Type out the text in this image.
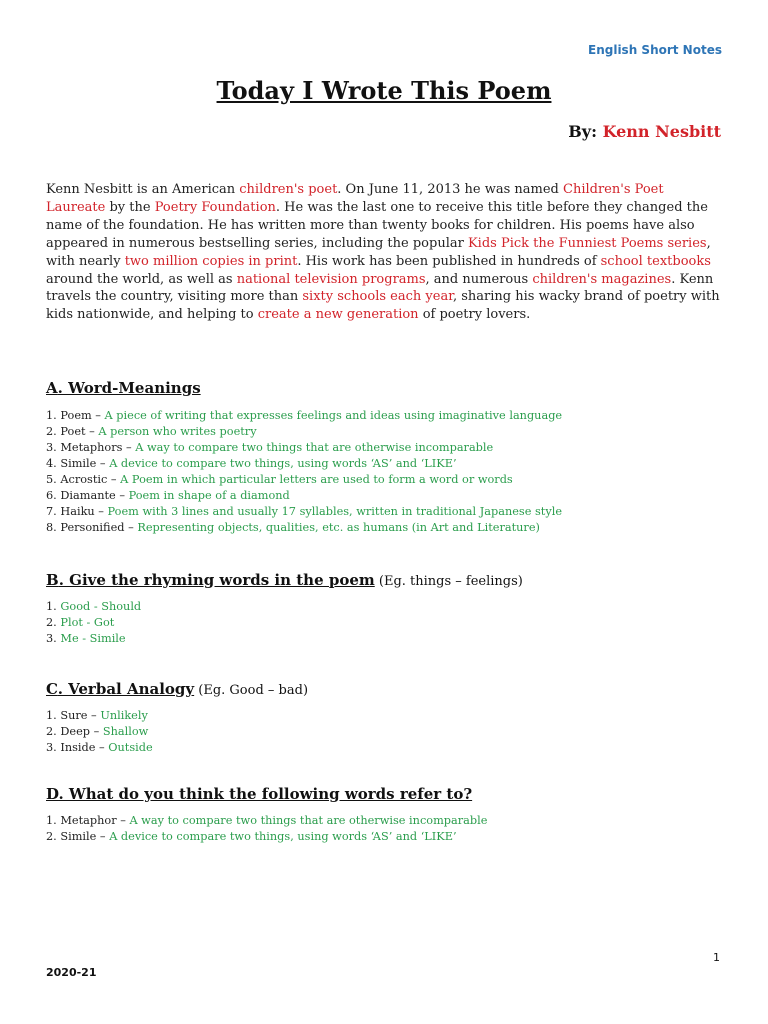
English Short Notes
Today I Wrote This Poem
By: Kenn Nesbitt
Kenn Nesbitt is an American children's poet. On June 11, 2013 he was named Children's Poet Laureate by the Poetry Foundation. He was the last one to receive this title before they changed the name of the foundation. He has written more than twenty books for children. His poems have also appeared in numerous bestselling series, including the popular Kids Pick the Funniest Poems series, with nearly two million copies in print. His work has been published in hundreds of school textbooks around the world, as well as national television programs, and numerous children's magazines. Kenn travels the country, visiting more than sixty schools each year, sharing his wacky brand of poetry with kids nationwide, and helping to create a new generation of poetry lovers.
A. Word-Meanings
1. Poem – A piece of writing that expresses feelings and ideas using imaginative language
2. Poet – A person who writes poetry
3. Metaphors – A way to compare two things that are otherwise incomparable
4. Simile – A device to compare two things, using words ‘AS’ and ‘LIKE’
5. Acrostic – A Poem in which particular letters are used to form a word or words
6. Diamante – Poem in shape of a diamond
7. Haiku – Poem with 3 lines and usually 17 syllables, written in traditional Japanese style
8. Personified – Representing objects, qualities, etc. as humans (in Art and Literature)
B. Give the rhyming words in the poem (Eg. things – feelings)
1. Good - Should
2. Plot - Got
3. Me - Simile
C. Verbal Analogy (Eg. Good – bad)
1. Sure – Unlikely
2. Deep – Shallow
3. Inside – Outside
D. What do you think the following words refer to?
1. Metaphor – A way to compare two things that are otherwise incomparable
2. Simile – A device to compare two things, using words ‘AS’ and ‘LIKE’
1
2020-21
